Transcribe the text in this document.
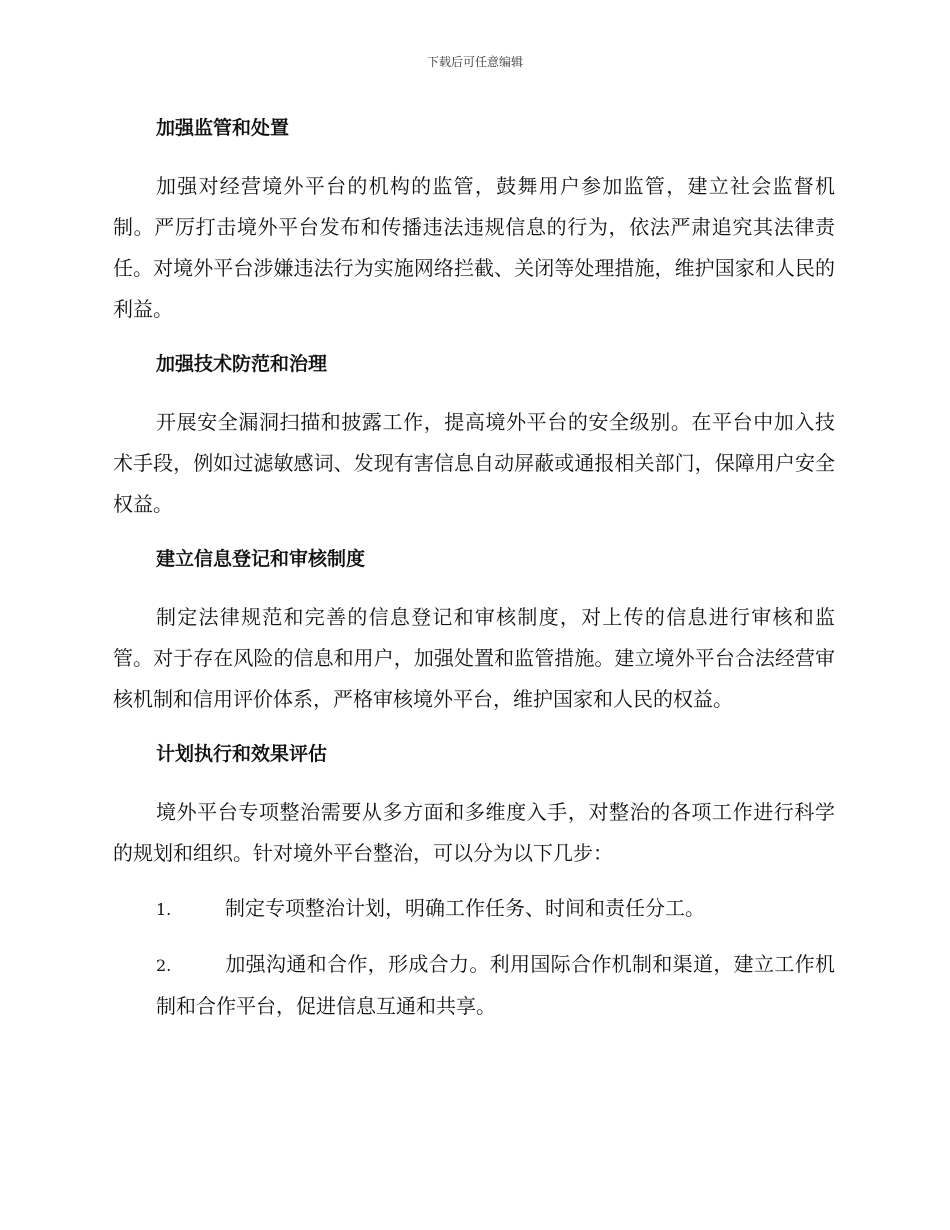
下载后可任意编辑
加强监管和处置

加强对经营境外平台的机构的监管，鼓舞用户参加监管，建立社会监督机制。严厉打击境外平台发布和传播违法违规信息的行为，依法严肃追究其法律责任。对境外平台涉嫌违法行为实施网络拦截、关闭等处理措施，维护国家和人民的利益。

加强技术防范和治理

开展安全漏洞扫描和披露工作，提高境外平台的安全级别。在平台中加入技术手段，例如过滤敏感词、发现有害信息自动屏蔽或通报相关部门，保障用户安全权益。

建立信息登记和审核制度

制定法律规范和完善的信息登记和审核制度，对上传的信息进行审核和监管。对于存在风险的信息和用户，加强处置和监管措施。建立境外平台合法经营审核机制和信用评价体系，严格审核境外平台，维护国家和人民的权益。

计划执行和效果评估

境外平台专项整治需要从多方面和多维度入手，对整治的各项工作进行科学的规划和组织。针对境外平台整治，可以分为以下几步：

1.	制定专项整治计划，明确工作任务、时间和责任分工。

2.	加强沟通和合作，形成合力。利用国际合作机制和渠道，建立工作机制和合作平台，促进信息互通和共享。
